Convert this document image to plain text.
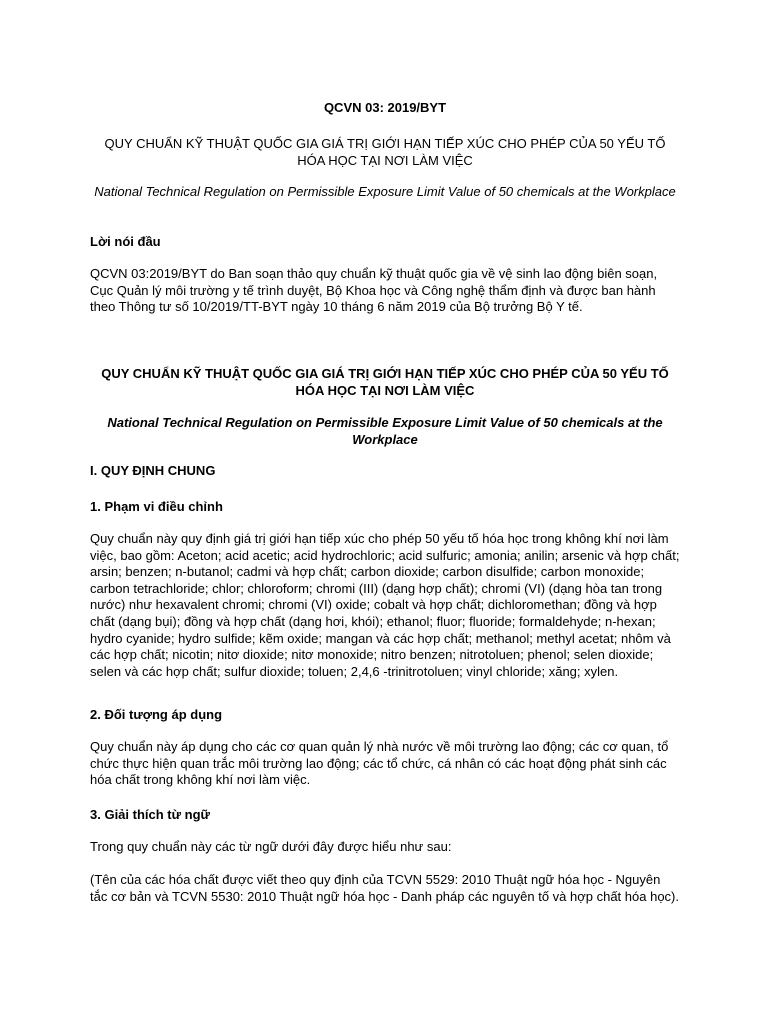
QCVN 03: 2019/BYT
QUY CHUẨN KỸ THUẬT QUỐC GIA GIÁ TRỊ GIỚI HẠN TIẾP XÚC CHO PHÉP CỦA 50 YẾU TỐ HÓA HỌC TẠI NƠI LÀM VIỆC
National Technical Regulation on Permissible Exposure Limit Value of 50 chemicals at the Workplace
Lời nói đầu
QCVN 03:2019/BYT do Ban soạn thảo quy chuẩn kỹ thuật quốc gia về vệ sinh lao động biên soạn, Cục Quản lý môi trường y tế trình duyệt, Bộ Khoa học và Công nghệ thẩm định và được ban hành theo Thông tư số 10/2019/TT-BYT ngày 10 tháng 6 năm 2019 của Bộ trưởng Bộ Y tế.
QUY CHUẨN KỸ THUẬT QUỐC GIA GIÁ TRỊ GIỚI HẠN TIẾP XÚC CHO PHÉP CỦA 50 YẾU TỐ HÓA HỌC TẠI NƠI LÀM VIỆC
National Technical Regulation on Permissible Exposure Limit Value of 50 chemicals at the Workplace
I. QUY ĐỊNH CHUNG
1. Phạm vi điều chỉnh
Quy chuẩn này quy định giá trị giới hạn tiếp xúc cho phép 50 yếu tố hóa học trong không khí nơi làm việc, bao gồm: Aceton; acid acetic; acid hydrochloric; acid sulfuric; amonia; anilin; arsenic và hợp chất; arsin; benzen; n-butanol; cadmi và hợp chất; carbon dioxide; carbon disulfide; carbon monoxide; carbon tetrachloride; chlor; chloroform; chromi (III) (dạng hợp chất); chromi (VI) (dạng hòa tan trong nước) như hexavalent chromi; chromi (VI) oxide; cobalt và hợp chất; dichloromethan; đồng và hợp chất (dạng bụi); đồng và hợp chất (dạng hơi, khói); ethanol; fluor; fluoride; formaldehyde; n-hexan; hydro cyanide; hydro sulfide; kẽm oxide; mangan và các hợp chất; methanol; methyl acetat; nhôm và các hợp chất; nicotin; nitơ dioxide; nitơ monoxide; nitro benzen; nitrotoluen; phenol; selen dioxide; selen và các hợp chất; sulfur dioxide; toluen; 2,4,6 -trinitrotoluen; vinyl chloride; xăng; xylen.
2. Đối tượng áp dụng
Quy chuẩn này áp dụng cho các cơ quan quản lý nhà nước về môi trường lao động; các cơ quan, tổ chức thực hiện quan trắc môi trường lao động; các tổ chức, cá nhân có các hoạt động phát sinh các hóa chất trong không khí nơi làm việc.
3. Giải thích từ ngữ
Trong quy chuẩn này các từ ngữ dưới đây được hiểu như sau:
(Tên của các hóa chất được viết theo quy định của TCVN 5529: 2010 Thuật ngữ hóa học - Nguyên tắc cơ bản và TCVN 5530: 2010 Thuật ngữ hóa học - Danh pháp các nguyên tố và hợp chất hóa học).
